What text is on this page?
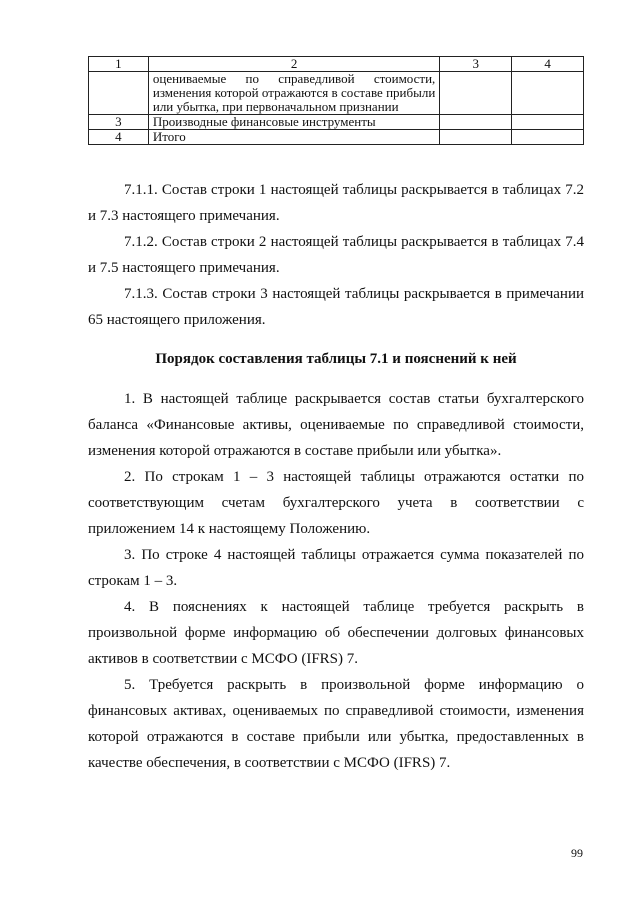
1	2	3	4
	оцениваемые по справедливой стоимости, изменения которой отражаются в составе прибыли или убытка, при первоначальном признании		
3	Производные финансовые инструменты		
4	Итого		

7.1.1. Состав строки 1 настоящей таблицы раскрывается в таблицах 7.2 и 7.3 настоящего примечания.

7.1.2. Состав строки 2 настоящей таблицы раскрывается в таблицах 7.4 и 7.5 настоящего примечания.

7.1.3. Состав строки 3 настоящей таблицы раскрывается в примечании 65 настоящего приложения.

Порядок составления таблицы 7.1 и пояснений к ней

1. В настоящей таблице раскрывается состав статьи бухгалтерского баланса «Финансовые активы, оцениваемые по справедливой стоимости, изменения которой отражаются в составе прибыли или убытка».

2. По строкам 1 – 3 настоящей таблицы отражаются остатки по соответствующим счетам бухгалтерского учета в соответствии с приложением 14 к настоящему Положению.

3. По строке 4 настоящей таблицы отражается сумма показателей по строкам 1 – 3.

4. В пояснениях к настоящей таблице требуется раскрыть в произвольной форме информацию об обеспечении долговых финансовых активов в соответствии с МСФО (IFRS) 7.

5. Требуется раскрыть в произвольной форме информацию о финансовых активах, оцениваемых по справедливой стоимости, изменения которой отражаются в составе прибыли или убытка, предоставленных в качестве обеспечения, в соответствии с МСФО (IFRS) 7.

99
